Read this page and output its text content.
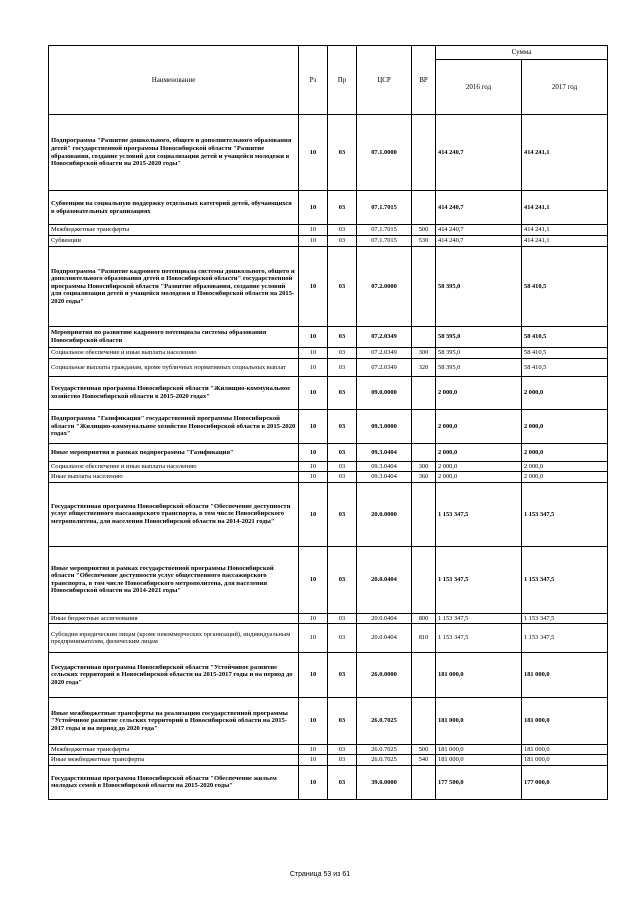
Наименование	Рз	Пр	ЦСР	ВР	Сумма	
					2016 год	2017 год
Подпрограмма "Развитие дошкольного, общего и дополнительного образования детей" государственной программы Новосибирской области "Развитие образования, создание условий для социализации детей и учащейся молодежи в Новосибирской области на 2015-2020 годы"	10	03	07.1.0000		414 240,7	414 241,1
Субвенции на социальную поддержку отдельных категорий детей, обучающихся в образовательных организациях	10	03	07.1.7015		414 240,7	414 241,1
Межбюджетные трансферты	10	03	07.1.7015	500	414 240,7	414 241,1
Субвенции	10	03	07.1.7015	530	414 240,7	414 241,1
Подпрограмма "Развитие кадрового потенциала системы дошкольного, общего и дополнительного образования детей в Новосибирской области" государственной программы Новосибирской области "Развитие образования, создание условий для социализации детей и учащейся молодежи в Новосибирской области на 2015-2020 годы"	10	03	07.2.0000		58 395,0	58 410,5
Мероприятия по развитию кадрового потенциала системы образования Новосибирской области	10	03	07.2.0349		58 395,0	58 410,5
Социальное обеспечение и иные выплаты населению	10	03	07.2.0349	300	58 395,0	58 410,5
Социальные выплаты гражданам, кроме публичных нормативных социальных выплат	10	03	07.2.0349	320	58 395,0	58 410,5
Государственная программа Новосибирской области "Жилищно-коммунальное хозяйство Новосибирской области в 2015-2020 годах"	10	03	09.0.0000		2 000,0	2 000,0
Подпрограмма "Газификация" государственной программы Новосибирской области "Жилищно-коммунальное хозяйство Новосибирской области в 2015-2020 годах"	10	03	09.3.0000		2 000,0	2 000,0
Иные мероприятия в рамках подпрограммы "Газификация"	10	03	09.3.0404		2 000,0	2 000,0
Социальное обеспечение и иные выплаты населению	10	03	09.3.0404	300	2 000,0	2 000,0
Иные выплаты населению	10	03	09.3.0404	360	2 000,0	2 000,0
Государственная программа Новосибирской области "Обеспечение доступности услуг общественного пассажирского транспорта, в том числе Новосибирского метрополитена, для населения Новосибирской области на 2014-2021 годы"	10	03	20.0.0000		1 153 347,5	1 153 347,5
Иные мероприятия в рамках государственной программы Новосибирской области "Обеспечение доступности услуг общественного пассажирского транспорта, в том числе Новосибирского метрополитена, для населения Новосибирской области на 2014-2021 годы"	10	03	20.0.0404		1 153 347,5	1 153 347,5
Иные бюджетные ассигнования	10	03	20.0.0404	800	1 153 347,5	1 153 347,5
Субсидии юридическим лицам (кроме некоммерческих организаций), индивидуальным предпринимателям, физическим лицам	10	03	20.0.0404	810	1 153 347,5	1 153 347,5
Государственная программа Новосибирской области "Устойчивое развитие сельских территорий в Новосибирской области на 2015-2017 годы и на период до 2020 года"	10	03	26.0.0000		181 000,0	181 000,0
Иные межбюджетные трансферты на реализацию государственной программы "Устойчивое развитие сельских территорий в Новосибирской области на 2015-2017 годы и на период до 2020 года"	10	03	26.0.7025		181 000,0	181 000,0
Межбюджетные трансферты	10	03	26.0.7025	500	181 000,0	181 000,0
Иные межбюджетные трансферты	10	03	26.0.7025	540	181 000,0	181 000,0
Государственная программа Новосибирской области "Обеспечение жильем молодых семей в Новосибирской области на 2015-2020 годы"	10	03	39.0.0000		177 500,0	177 000,0
Страница 53 из 61
